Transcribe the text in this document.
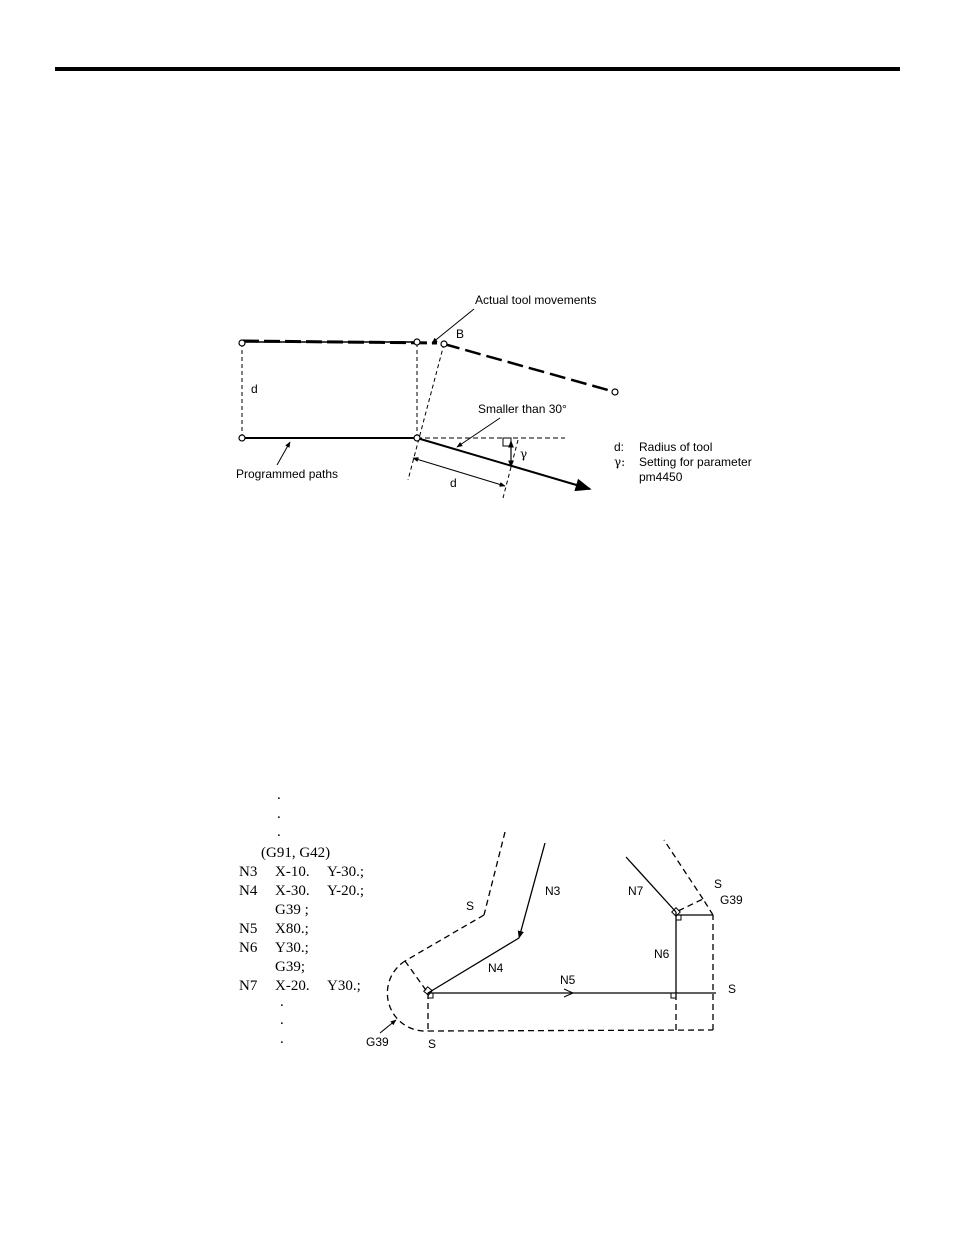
Actual tool movements
B
d
Smaller than 30°
γ
d
Programmed paths
d: Radius of tool
γ: Setting for parameter
pm4450
.
.
.
(G91, G42)
N3 X-10. Y-30.;
N4 X-30. Y-20.;
G39 ;
N5 X80.;
N6 Y30.;
G39;
N7 X-20. Y30.;
.
.
.
S
N3	N7	S
G39
N6
N4
N5
S
G39	S
